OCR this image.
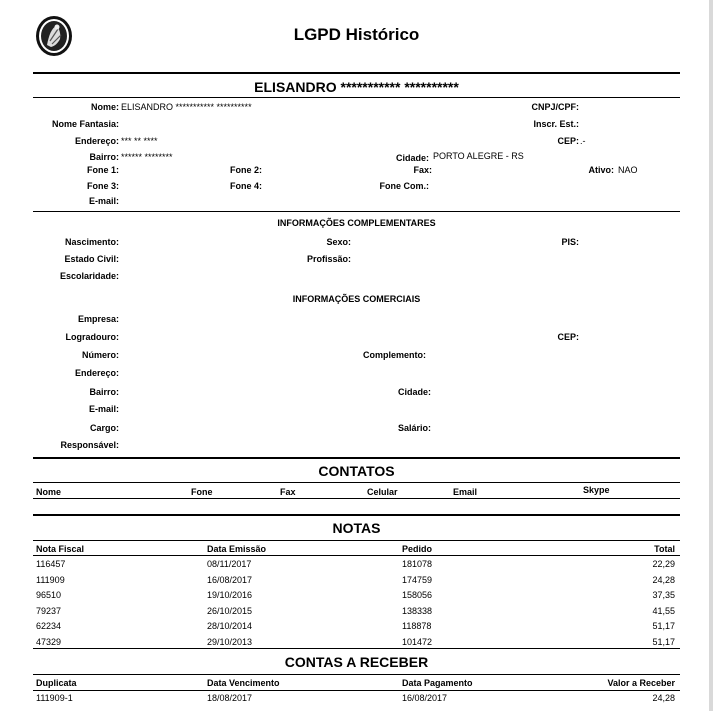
LGPD Histórico
ELISANDRO *********** **********
Nome: ELISANDRO *********** **********	CNPJ/CPF:
Nome Fantasia:	Inscr. Est.:
Endereço: *** ** ****	CEP: .-
Bairro: ****** ********	Cidade: PORTO ALEGRE - RS
Fone 1:	Fone 2:	Fax:	Ativo: NAO
Fone 3:	Fone 4:	Fone Com.:
E-mail:
INFORMAÇÕES COMPLEMENTARES
Nascimento:	Sexo:	PIS:
Estado Civil:	Profissão:
Escolaridade:
INFORMAÇÕES COMERCIAIS
Empresa:
Logradouro:	CEP:
Número:	Complemento:
Endereço:
Bairro:	Cidade:
E-mail:
Cargo:	Salário:
Responsável:
CONTATOS
Nome	Fone	Fax	Celular	Email	Skype
NOTAS
Nota Fiscal	Data Emissão	Pedido	Total
116457	08/11/2017	181078	22,29
111909	16/08/2017	174759	24,28
96510	19/10/2016	158056	37,35
79237	26/10/2015	138338	41,55
62234	28/10/2014	118878	51,17
47329	29/10/2013	101472	51,17
CONTAS A RECEBER
Duplicata	Data Vencimento	Data Pagamento	Valor a Receber
111909-1	18/08/2017	16/08/2017	24,28
